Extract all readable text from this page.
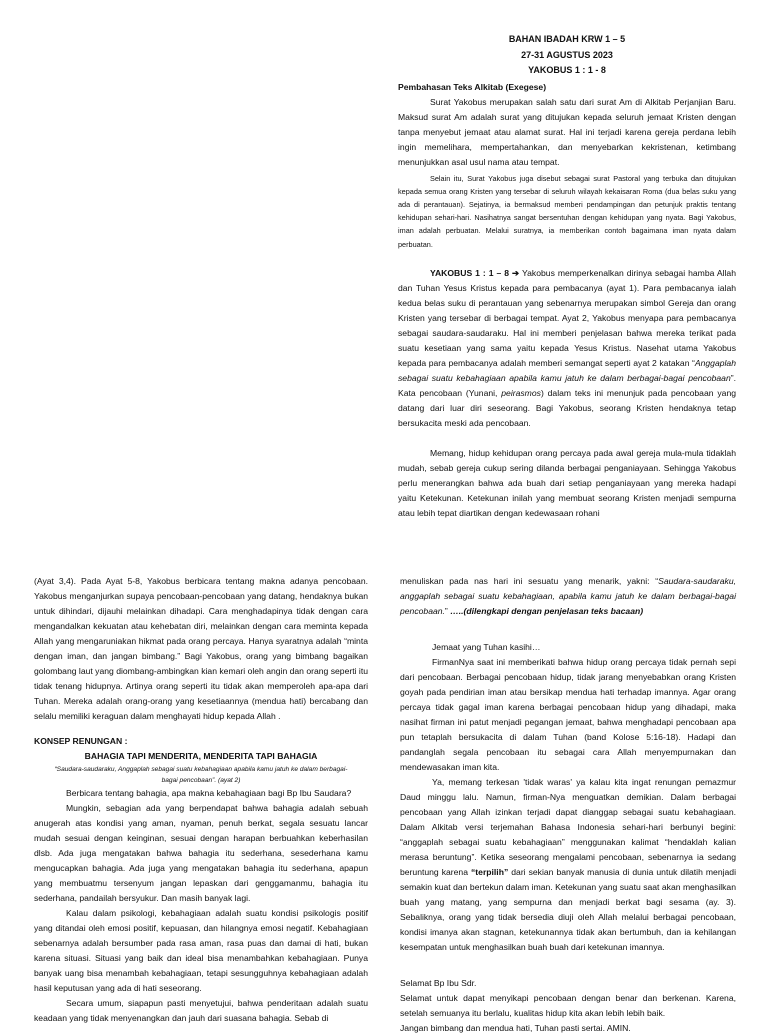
BAHAN IBADAH KRW 1 – 5
27-31 AGUSTUS 2023
YAKOBUS 1 : 1 - 8
Pembahasan Teks Alkitab (Exegese)

Surat Yakobus merupakan salah satu dari surat Am di Alkitab Perjanjian Baru. Maksud surat Am adalah surat yang ditujukan kepada seluruh jemaat Kristen dengan tanpa menyebut jemaat atau alamat surat. Hal ini terjadi karena gereja perdana lebih ingin memelihara, mempertahankan, dan menyebarkan kekristenan, ketimbang menunjukkan asal usul nama atau tempat.

Selain itu, Surat Yakobus juga disebut sebagai surat Pastoral yang terbuka dan ditujukan kepada semua orang Kristen yang tersebar di seluruh wilayah kekaisaran Roma (dua belas suku yang ada di perantauan). Sejatinya, ia bermaksud memberi pendampingan dan petunjuk praktis tentang kehidupan sehari-hari. Nasihatnya sangat bersentuhan dengan kehidupan yang nyata. Bagi Yakobus, iman adalah perbuatan. Melalui suratnya, ia memberikan contoh bagaimana iman nyata dalam perbuatan.

YAKOBUS 1 : 1 – 8 ➔ Yakobus memperkenalkan dirinya sebagai hamba Allah dan Tuhan Yesus Kristus kepada para pembacanya (ayat 1). Para pembacanya ialah kedua belas suku di perantauan yang sebenarnya merupakan simbol Gereja dan orang Kristen yang tersebar di berbagai tempat. Ayat 2, Yakobus menyapa para pembacanya sebagai saudara-saudaraku. Hal ini memberi penjelasan bahwa mereka terikat pada suatu kesetiaan yang sama yaitu kepada Yesus Kristus. Nasehat utama Yakobus kepada para pembacanya adalah memberi semangat seperti ayat 2 katakan “Anggaplah sebagai suatu kebahagiaan apabila kamu jatuh ke dalam berbagai-bagai pencobaan”. Kata pencobaan (Yunani, peirasmos) dalam teks ini menunjuk pada pencobaan yang datang dari luar diri seseorang. Bagi Yakobus, seorang Kristen hendaknya tetap bersukacita meski ada pencobaan.

Memang, hidup kehidupan orang percaya pada awal gereja mula-mula tidaklah mudah, sebab gereja cukup sering dilanda berbagai penganiayaan. Sehingga Yakobus perlu menerangkan bahwa ada buah dari setiap penganiayaan yang mereka hadapi yaitu Ketekunan. Ketekunan inilah yang membuat seorang Kristen menjadi sempurna atau lebih tepat diartikan dengan kedewasaan rohani

(Ayat 3,4). Pada Ayat 5-8, Yakobus berbicara tentang makna adanya pencobaan. Yakobus menganjurkan supaya pencobaan-pencobaan yang datang, hendaknya bukan untuk dihindari, dijauhi melainkan dihadapi. Cara menghadapinya tidak dengan cara mengandalkan kekuatan atau kehebatan diri, melainkan dengan cara meminta kepada Allah yang mengaruniakan hikmat pada orang percaya. Hanya syaratnya adalah “minta dengan iman, dan jangan bimbang.” Bagi Yakobus, orang yang bimbang bagaikan golombang laut yang diombang-ambingkan kian kemari oleh angin dan orang seperti itu tidak tenang hidupnya. Artinya orang seperti itu tidak akan memperoleh apa-apa dari Tuhan. Mereka adalah orang-orang yang kesetiaannya (mendua hati) bercabang dan selalu memiliki keraguan dalam menghayati hidup kepada Allah .

KONSEP RENUNGAN :
BAHAGIA TAPI MENDERITA, MENDERITA TAPI BAHAGIA
“Saudara-saudaraku, Anggaplah sebagai suatu kebahagiaan apabila kamu jatuh ke dalam berbagai-bagai pencobaan”. (ayat 2)

Berbicara tentang bahagia, apa makna kebahagiaan bagi Bp Ibu Saudara?

Mungkin, sebagian ada yang berpendapat bahwa bahagia adalah sebuah anugerah atas kondisi yang aman, nyaman, penuh berkat, segala sesuatu lancar mudah sesuai dengan keinginan, sesuai dengan harapan berbuahkan keberhasilan dlsb. Ada juga mengatakan bahwa bahagia itu sederhana, sesederhana kamu mengucapkan bahagia. Ada juga yang mengatakan bahagia itu sederhana, apapun yang membuatmu tersenyum jangan lepaskan dari genggamanmu, bahagia itu sederhana, pandailah bersyukur. Dan masih banyak lagi.

Kalau dalam psikologi, kebahagiaan adalah suatu kondisi psikologis positif yang ditandai oleh emosi positif, kepuasan, dan hilangnya emosi negatif. Kebahagiaan sebenarnya adalah bersumber pada rasa aman, rasa puas dan damai di hati, bukan karena situasi. Situasi yang baik dan ideal bisa menambahkan kebahagiaan. Punya banyak uang bisa menambah kebahagiaan, tetapi sesungguhnya kebahagiaan adalah hasil keputusan yang ada di hati seseorang.

Secara umum, siapapun pasti menyetujui, bahwa penderitaan adalah suatu keadaan yang tidak menyenangkan dan jauh dari suasana bahagia. Sebab di

menuliskan pada nas hari ini sesuatu yang menarik, yakni: “Saudara-saudaraku, anggaplah sebagai suatu kebahagiaan, apabila kamu jatuh ke dalam berbagai-bagai pencobaan.” …..(dilengkapi dengan penjelasan teks bacaan)

Jemaat yang Tuhan kasihi…

FirmanNya saat ini memberikati bahwa hidup orang percaya tidak pernah sepi dari pencobaan. Berbagai pencobaan hidup, tidak jarang menyebabkan orang Kristen goyah pada pendirian iman atau bersikap mendua hati terhadap imannya. Agar orang percaya tidak gagal iman karena berbagai pencobaan hidup yang dihadapi, maka nasihat firman ini patut menjadi pegangan jemaat, bahwa menghadapi pencobaan apa pun tetaplah bersukacita di dalam Tuhan (band Kolose 5:16-18). Hadapi dan pandanglah segala pencobaan itu sebagai cara Allah menyempurnakan dan mendewasakan iman kita.

Ya, memang terkesan 'tidak waras' ya kalau kita ingat renungan pemazmur Daud minggu lalu. Namun, firman-Nya menguatkan demikian. Dalam berbagai pencobaan yang Allah izinkan terjadi dapat dianggap sebagai suatu kebahagiaan. Dalam Alkitab versi terjemahan Bahasa Indonesia sehari-hari berbunyi begini: “anggaplah sebagai suatu kebahagiaan” menggunakan kalimat “hendaklah kalian merasa beruntung”. Ketika seseorang mengalami pencobaan, sebenarnya ia sedang beruntung karena “terpilih” dari sekian banyak manusia di dunia untuk dilatih menjadi semakin kuat dan bertekun dalam iman. Ketekunan yang suatu saat akan menghasilkan buah yang matang, yang sempurna dan menjadi berkat bagi sesama (ay. 3). Sebaliknya, orang yang tidak bersedia diuji oleh Allah melalui berbagai pencobaan, kondisi imanya akan stagnan, ketekunannya tidak akan bertumbuh, dan ia kehilangan kesempatan untuk menghasilkan buah buah dari ketekunan imannya.

Selamat Bp Ibu Sdr.

Selamat untuk dapat menyikapi pencobaan dengan benar dan berkenan. Karena, setelah semuanya itu berlalu, kualitas hidup kita akan lebih lebih baik.

Jangan bimbang dan mendua hati, Tuhan pasti sertai. AMIN.
